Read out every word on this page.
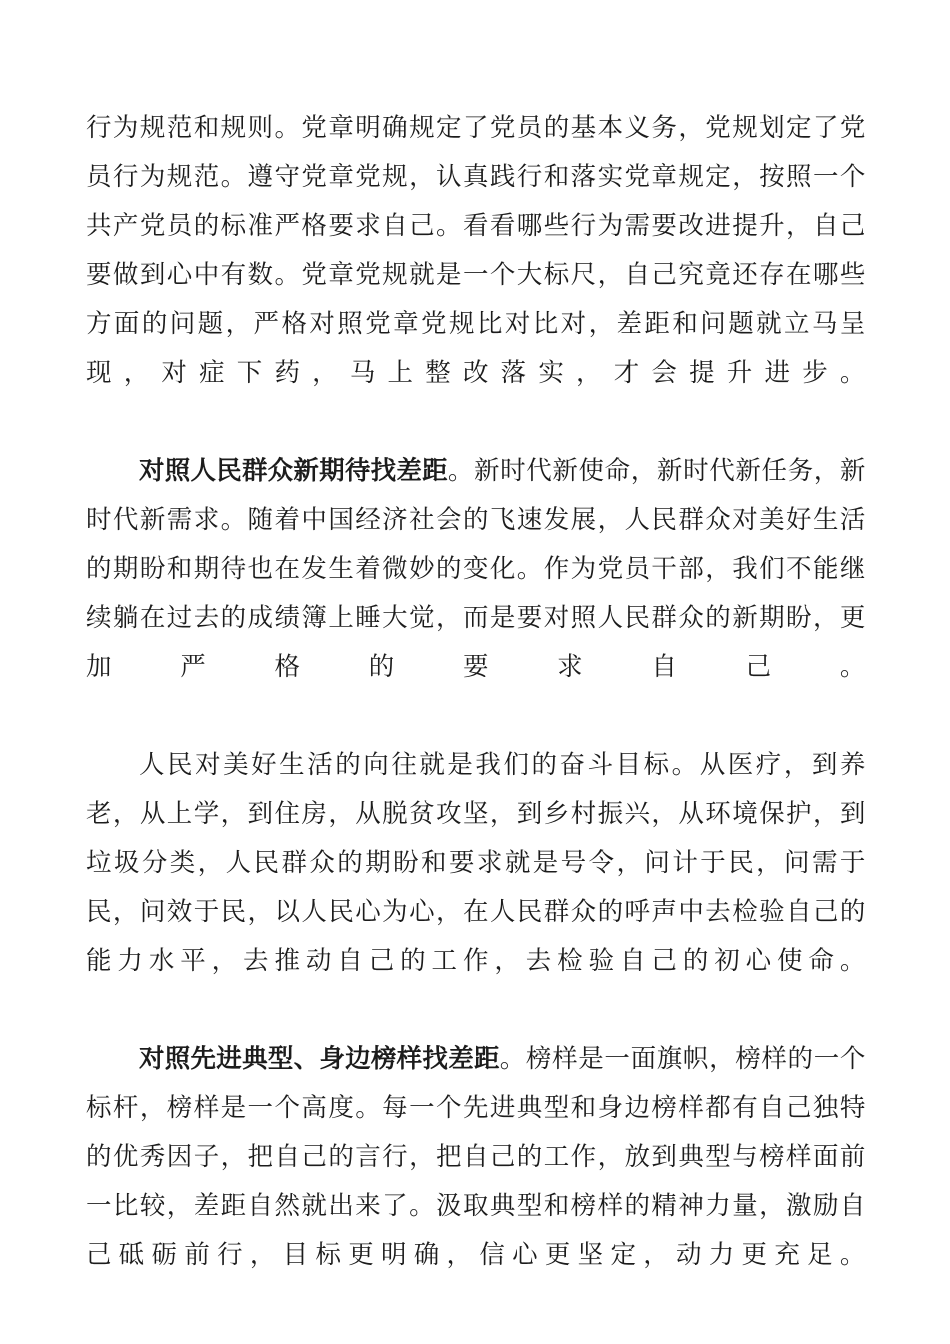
行为规范和规则。党章明确规定了党员的基本义务，党规划定了党员行为规范。遵守党章党规，认真践行和落实党章规定，按照一个共产党员的标准严格要求自己。看看哪些行为需要改进提升，自己要做到心中有数。党章党规就是一个大标尺，自己究竟还存在哪些方面的问题，严格对照党章党规比对比对，差距和问题就立马呈现，对症下药，马上整改落实，才会提升进步。

对照人民群众新期待找差距。新时代新使命，新时代新任务，新时代新需求。随着中国经济社会的飞速发展，人民群众对美好生活的期盼和期待也在发生着微妙的变化。作为党员干部，我们不能继续躺在过去的成绩簿上睡大觉，而是要对照人民群众的新期盼，更加严格的要求自己。

人民对美好生活的向往就是我们的奋斗目标。从医疗，到养老，从上学，到住房，从脱贫攻坚，到乡村振兴，从环境保护，到垃圾分类，人民群众的期盼和要求就是号令，问计于民，问需于民，问效于民，以人民心为心，在人民群众的呼声中去检验自己的能力水平，去推动自己的工作，去检验自己的初心使命。

对照先进典型、身边榜样找差距。榜样是一面旗帜，榜样的一个标杆，榜样是一个高度。每一个先进典型和身边榜样都有自己独特的优秀因子，把自己的言行，把自己的工作，放到典型与榜样面前一比较，差距自然就出来了。汲取典型和榜样的精神力量，激励自己砥砺前行，目标更明确，信心更坚定，动力更充足。
